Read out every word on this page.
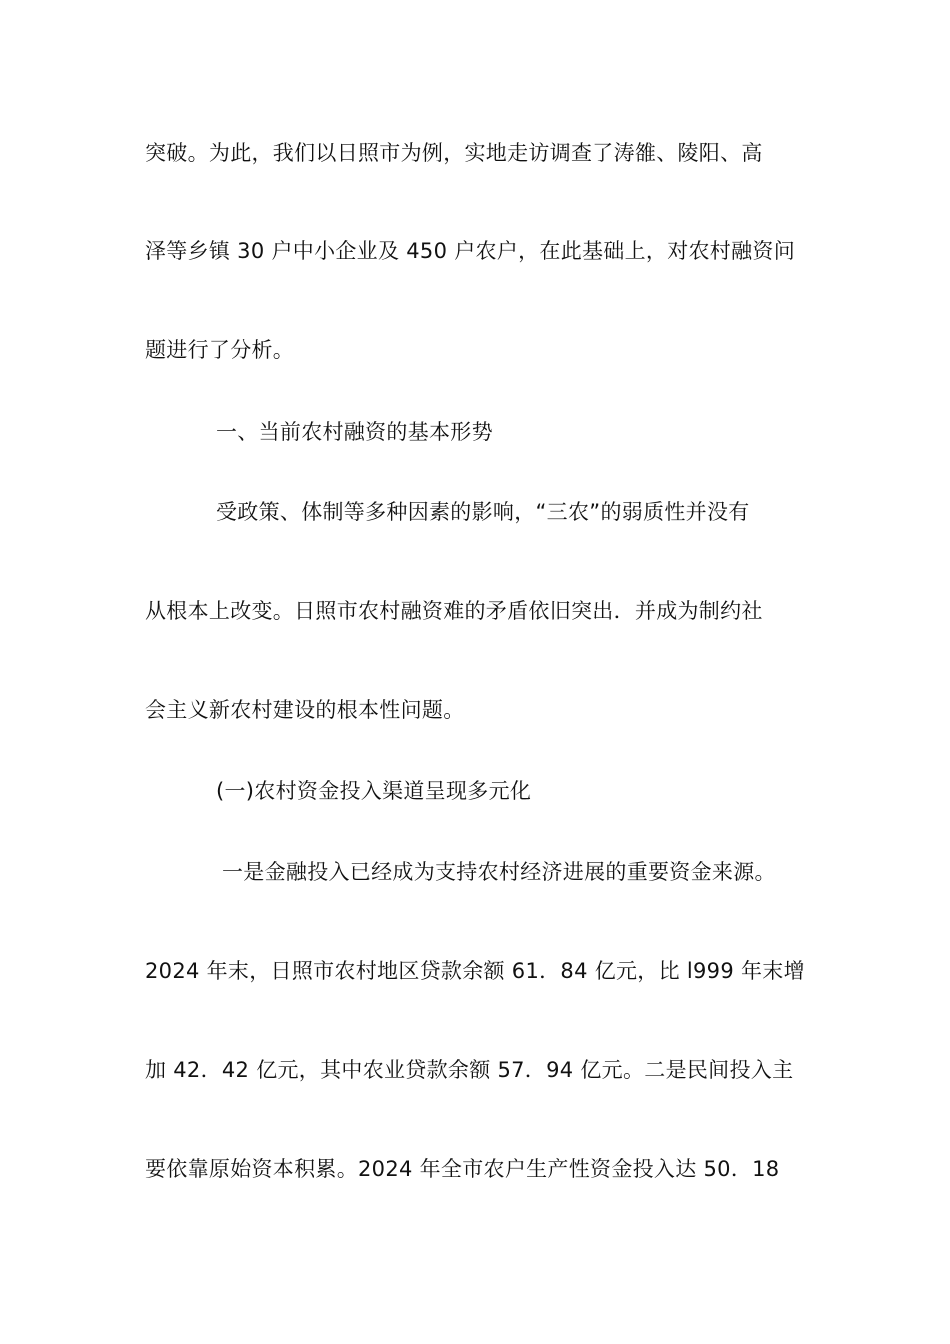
突破。为此，我们以日照市为例，实地走访调查了涛雒、陵阳、高
泽等乡镇 30 户中小企业及 450 户农户，在此基础上，对农村融资问
题进行了分析。
一、当前农村融资的基本形势
受政策、体制等多种因素的影响，“三农”的弱质性并没有
从根本上改变。日照市农村融资难的矛盾依旧突出．并成为制约社
会主义新农村建设的根本性问题。
(一)农村资金投入渠道呈现多元化
一是金融投入已经成为支持农村经济进展的重要资金来源。
2024 年末，日照市农村地区贷款余额 61．84 亿元，比 l999 年末增
加 42．42 亿元，其中农业贷款余额 57．94 亿元。二是民间投入主
要依靠原始资本积累。2024 年全市农户生产性资金投入达 50．18
